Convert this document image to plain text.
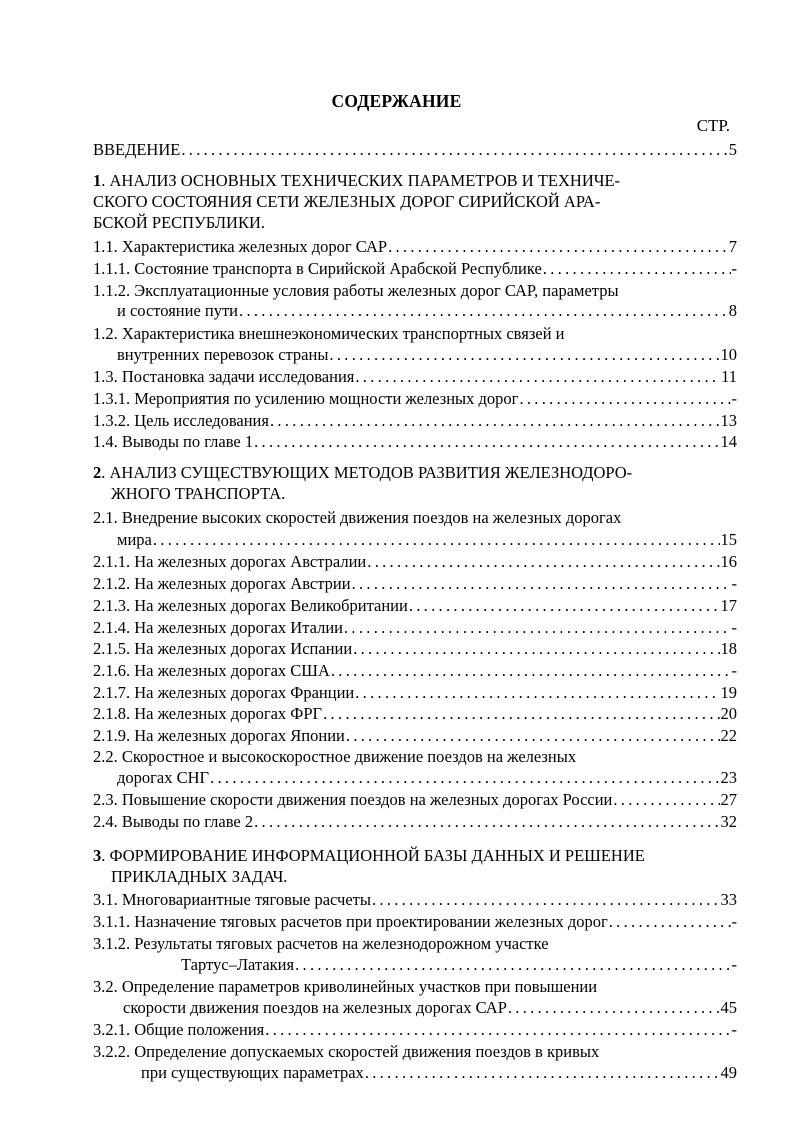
СОДЕРЖАНИЕ
СТР.
ВВЕДЕНИЕ . . .	5
1. АНАЛИЗ ОСНОВНЫХ ТЕХНИЧЕСКИХ ПАРАМЕТРОВ И ТЕХНИЧЕ-
СКОГО СОСТОЯНИЯ СЕТИ ЖЕЛЕЗНЫХ ДОРОГ СИРИЙСКОЙ АРА-
БСКОЙ РЕСПУБЛИКИ.
1.1. Характеристика железных дорог САР . . .	7
1.1.1. Состояние транспорта в Сирийской Арабской Республике . . .	-
1.1.2. Эксплуатационные условия работы железных дорог САР, параметры
и состояние пути . . .	8
1.2. Характеристика внешнеэкономических транспортных связей и
внутренних перевозок страны . . .	10
1.3. Постановка задачи исследования . . .	11
1.3.1. Мероприятия по усилению мощности железных дорог . . .	-
1.3.2. Цель исследования . . .	13
1.4. Выводы по главе 1 . . .	14
2. АНАЛИЗ СУЩЕСТВУЮЩИХ МЕТОДОВ РАЗВИТИЯ ЖЕЛЕЗНОДОРО-
ЖНОГО ТРАНСПОРТА.
2.1. Внедрение высоких скоростей движения поездов на железных дорогах
мира . . .	15
2.1.1. На железных дорогах Австралии . . .	16
2.1.2. На железных дорогах Австрии . . .	-
2.1.3. На железных дорогах Великобритании . . .	17
2.1.4. На железных дорогах Италии . . .	-
2.1.5. На железных дорогах Испании . . .	18
2.1.6. На железных дорогах США . . .	-
2.1.7. На железных дорогах Франции . . .	19
2.1.8. На железных дорогах ФРГ . . .	20
2.1.9. На железных дорогах Японии . . .	22
2.2. Скоростное и высокоскоростное движение поездов на железных
дорогах СНГ . . .	23
2.3. Повышение скорости движения поездов на железных дорогах России . . .	27
2.4. Выводы по главе 2 . . .	32
3. ФОРМИРОВАНИЕ ИНФОРМАЦИОННОЙ БАЗЫ ДАННЫХ И РЕШЕНИЕ
ПРИКЛАДНЫХ ЗАДАЧ.
3.1. Многовариантные тяговые расчеты . . .	33
3.1.1. Назначение тяговых расчетов при проектировании железных дорог . . .	-
3.1.2. Результаты тяговых расчетов на железнодорожном участке
Тартус–Латакия . . .	-
3.2. Определение параметров криволинейных участков при повышении
скорости движения поездов на железных дорогах САР . . .	45
3.2.1. Общие положения . . .	-
3.2.2. Определение допускаемых скоростей движения поездов в кривых
при существующих параметрах . . .	49
